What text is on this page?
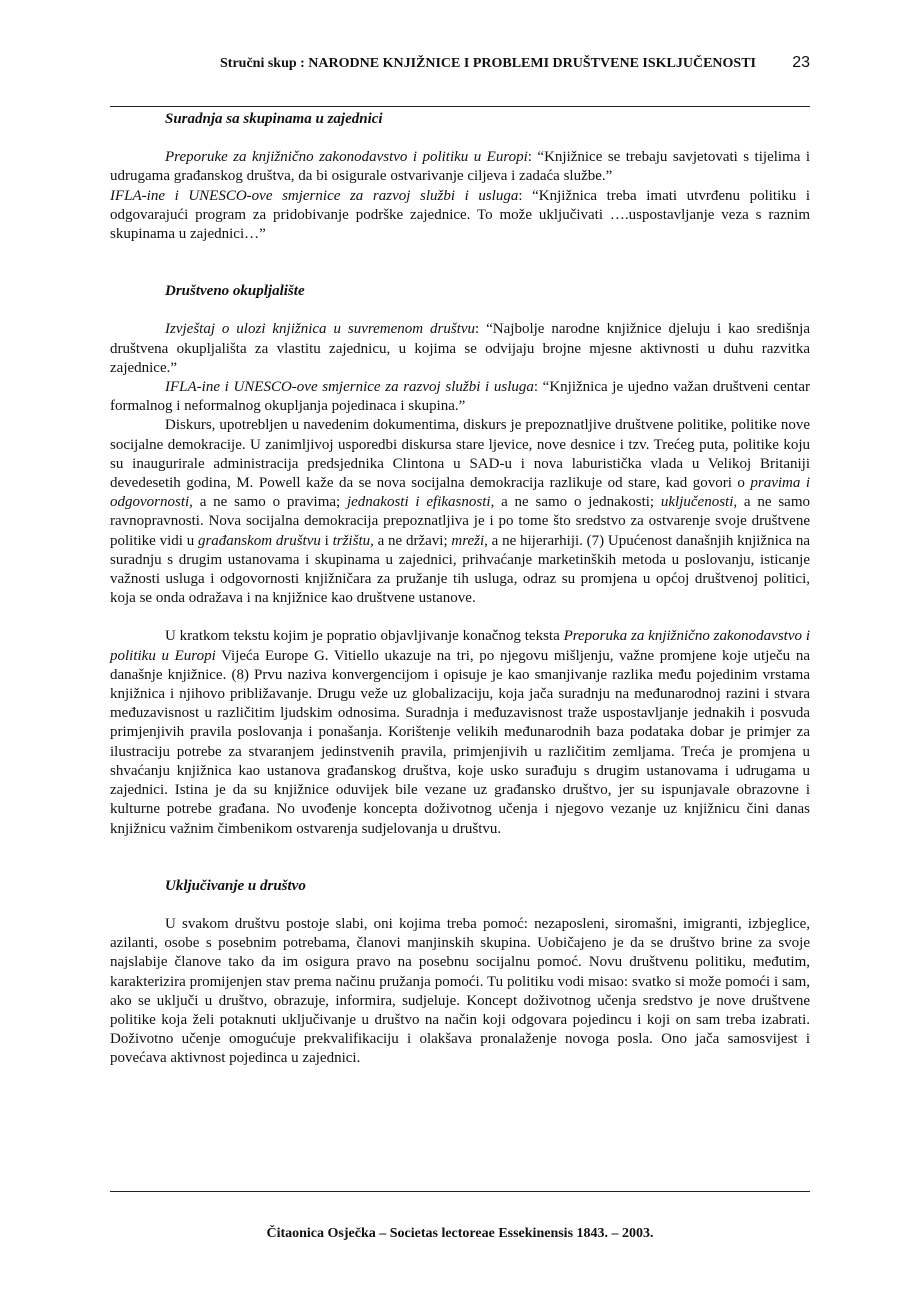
Stručni skup : NARODNE KNJIŽNICE I PROBLEMI DRUŠTVENE ISKLJUČENOSTI 23
Suradnja sa skupinama u zajednici

Preporuke za knjižnično zakonodavstvo i politiku u Europi: “Knjižnice se trebaju savjetovati s tijelima i udrugama građanskog društva, da bi osigurale ostvarivanje ciljeva i zadaća službe.”

IFLA-ine i UNESCO-ove smjernice za razvoj službi i usluga: “Knjižnica treba imati utvrđenu politiku i odgovarajući program za pridobivanje podrške zajednice. To može uključivati ….uspostavljanje veza s raznim skupinama u zajednici…”

Društveno okupljalište

Izvještaj o ulozi knjižnica u suvremenom društvu: “Najbolje narodne knjižnice djeluju i kao središnja društvena okupljališta za vlastitu zajednicu, u kojima se odvijaju brojne mjesne aktivnosti u duhu razvitka zajednice.”

IFLA-ine i UNESCO-ove smjernice za razvoj službi i usluga: “Knjižnica je ujedno važan društveni centar formalnog i neformalnog okupljanja pojedinaca i skupina.”

Diskurs, upotrebljen u navedenim dokumentima, diskurs je prepoznatljive društvene politike, politike nove socijalne demokracije. U zanimljivoj usporedbi diskursa stare ljevice, nove desnice i tzv. Trećeg puta, politike koju su inaugurirale administracija predsjednika Clintona u SAD-u i nova laburistička vlada u Velikoj Britaniji devedesetih godina, M. Powell kaže da se nova socijalna demokracija razlikuje od stare, kad govori o pravima i odgovornosti, a ne samo o pravima; jednakosti i efikasnosti, a ne samo o jednakosti; uključenosti, a ne samo ravnopravnosti. Nova socijalna demokracija prepoznatljiva je i po tome što sredstvo za ostvarenje svoje društvene politike vidi u građanskom društvu i tržištu, a ne državi; mreži, a ne hijerarhiji. (7) Upućenost današnjih knjižnica na suradnju s drugim ustanovama i skupinama u zajednici, prihvaćanje marketinških metoda u poslovanju, isticanje važnosti usluga i odgovornosti knjižničara za pružanje tih usluga, odraz su promjena u općoj društvenoj politici, koja se onda odražava i na knjižnice kao društvene ustanove.

U kratkom tekstu kojim je popratio objavljivanje konačnog teksta Preporuka za knjižnično zakonodavstvo i politiku u Europi Vijeća Europe G. Vitiello ukazuje na tri, po njegovu mišljenju, važne promjene koje utječu na današnje knjižnice. (8) Prvu naziva konvergencijom i opisuje je kao smanjivanje razlika među pojedinim vrstama knjižnica i njihovo približavanje. Drugu veže uz globalizaciju, koja jača suradnju na međunarodnoj razini i stvara međuzavisnost u različitim ljudskim odnosima. Suradnja i međuzavisnost traže uspostavljanje jednakih i posvuda primjenjivih pravila poslovanja i ponašanja. Korištenje velikih međunarodnih baza podataka dobar je primjer za ilustraciju potrebe za stvaranjem jedinstvenih pravila, primjenjivih u različitim zemljama. Treća je promjena u shvaćanju knjižnica kao ustanova građanskog društva, koje usko surađuju s drugim ustanovama i udrugama u zajednici. Istina je da su knjižnice oduvijek bile vezane uz građansko društvo, jer su ispunjavale obrazovne i kulturne potrebe građana. No uvođenje koncepta doživotnog učenja i njegovo vezanje uz knjižnicu čini danas knjižnicu važnim čimbenikom ostvarenja sudjelovanja u društvu.

Uključivanje u društvo

U svakom društvu postoje slabi, oni kojima treba pomoć: nezaposleni, siromašni, imigranti, izbjeglice, azilanti, osobe s posebnim potrebama, članovi manjinskih skupina. Uobičajeno je da se društvo brine za svoje najslabije članove tako da im osigura pravo na posebnu socijalnu pomoć. Novu društvenu politiku, međutim, karakterizira promijenjen stav prema načinu pružanja pomoći. Tu politiku vodi misao: svatko si može pomoći i sam, ako se uključi u društvo, obrazuje, informira, sudjeluje. Koncept doživotnog učenja sredstvo je nove društvene politike koja želi potaknuti uključivanje u društvo na način koji odgovara pojedincu i koji on sam treba izabrati. Doživotno učenje omogućuje prekvalifikaciju i olakšava pronalaženje novoga posla. Ono jača samosvijest i povećava aktivnost pojedinca u zajednici.

Čitaonica Osječka – Societas lectoreae Essekinensis 1843. – 2003.
